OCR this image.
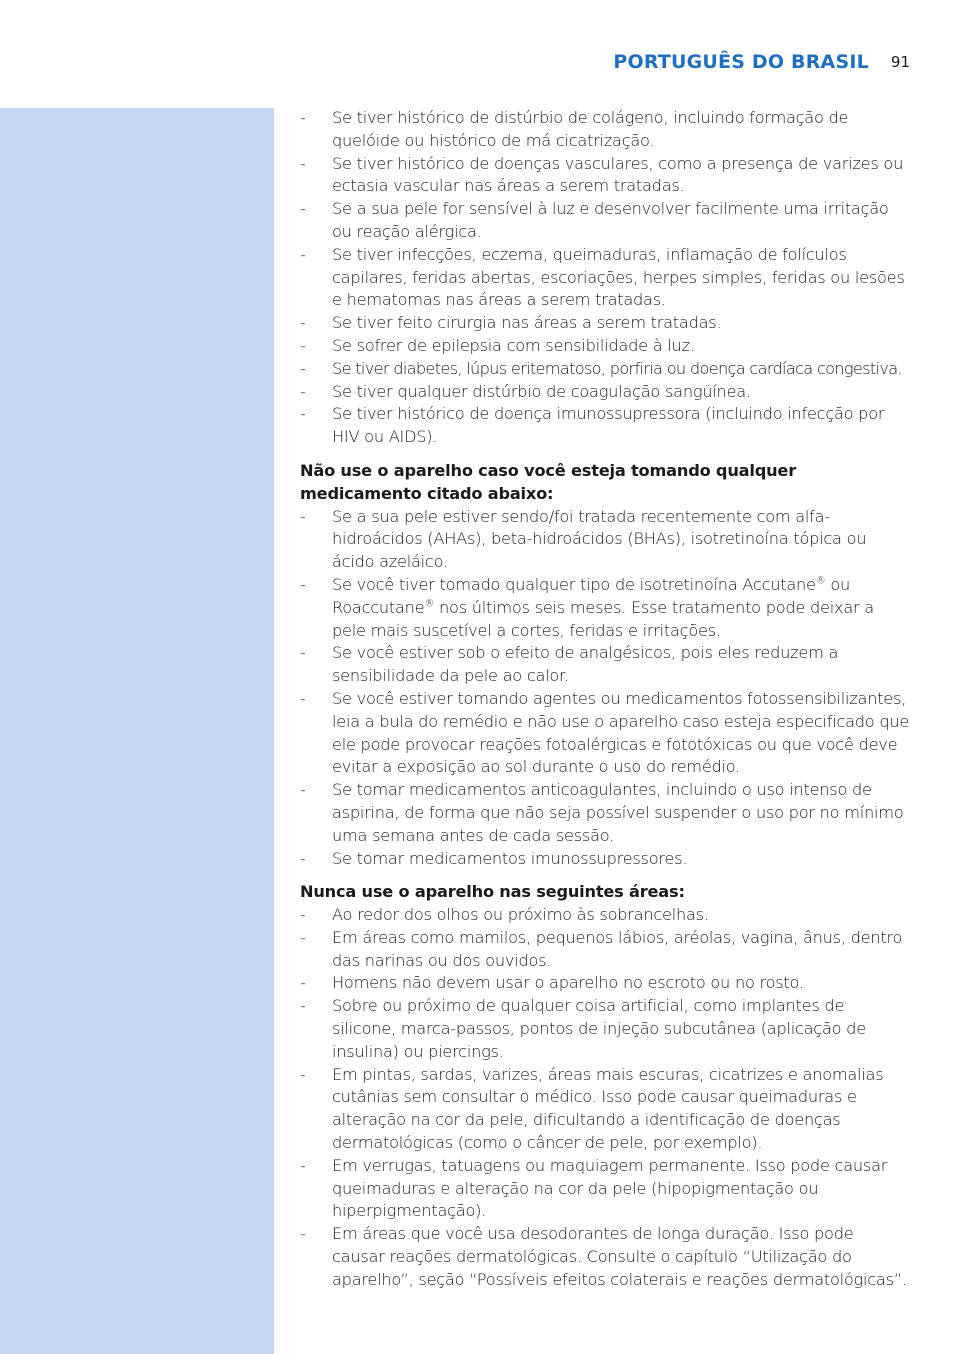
PORTUGUÊS DO BRASIL 91
-	Se tiver histórico de distúrbio de colágeno, incluindo formação de quelóide ou histórico de má cicatrização.
-	Se tiver histórico de doenças vasculares, como a presença de varizes ou ectasia vascular nas áreas a serem tratadas.
-	Se a sua pele for sensível à luz e desenvolver facilmente uma irritação ou reação alérgica.
-	Se tiver infecções, eczema, queimaduras, inflamação de folículos capilares, feridas abertas, escoriações, herpes simples, feridas ou lesões e hematomas nas áreas a serem tratadas.
-	Se tiver feito cirurgia nas áreas a serem tratadas.
-	Se sofrer de epilepsia com sensibilidade à luz.
-	Se tiver diabetes, lúpus eritematoso, porfiria ou doença cardíaca congestiva.
-	Se tiver qualquer distúrbio de coagulação sangüínea.
-	Se tiver histórico de doença imunossupressora (incluindo infecção por HIV ou AIDS).
Não use o aparelho caso você esteja tomando qualquer medicamento citado abaixo:
-	Se a sua pele estiver sendo/foi tratada recentemente com alfa-hidroácidos (AHAs), beta-hidroácidos (BHAs), isotretinoína tópica ou ácido azeláico.
-	Se você tiver tomado qualquer tipo de isotretinoína Accutane® ou Roaccutane® nos últimos seis meses. Esse tratamento pode deixar a pele mais suscetível a cortes, feridas e irritações.
-	Se você estiver sob o efeito de analgésicos, pois eles reduzem a sensibilidade da pele ao calor.
-	Se você estiver tomando agentes ou medicamentos fotossensibilizantes, leia a bula do remédio e não use o aparelho caso esteja especificado que ele pode provocar reações fotoalérgicas e fototóxicas ou que você deve evitar a exposição ao sol durante o uso do remédio.
-	Se tomar medicamentos anticoagulantes, incluindo o uso intenso de aspirina, de forma que não seja possível suspender o uso por no mínimo uma semana antes de cada sessão.
-	Se tomar medicamentos imunossupressores.
Nunca use o aparelho nas seguintes áreas:
-	Ao redor dos olhos ou próximo às sobrancelhas.
-	Em áreas como mamilos, pequenos lábios, aréolas, vagina, ânus, dentro das narinas ou dos ouvidos.
-	Homens não devem usar o aparelho no escroto ou no rosto.
-	Sobre ou próximo de qualquer coisa artificial, como implantes de silicone, marca-passos, pontos de injeção subcutânea (aplicação de insulina) ou piercings.
-	Em pintas, sardas, varizes, áreas mais escuras, cicatrizes e anomalias cutânias sem consultar o médico. Isso pode causar queimaduras e alteração na cor da pele, dificultando a identificação de doenças dermatológicas (como o câncer de pele, por exemplo).
-	Em verrugas, tatuagens ou maquiagem permanente. Isso pode causar queimaduras e alteração na cor da pele (hipopigmentação ou hiperpigmentação).
-	Em áreas que você usa desodorantes de longa duração. Isso pode causar reações dermatológicas. Consulte o capítulo “Utilização do aparelho”, seção “Possíveis efeitos colaterais e reações dermatológicas”.
